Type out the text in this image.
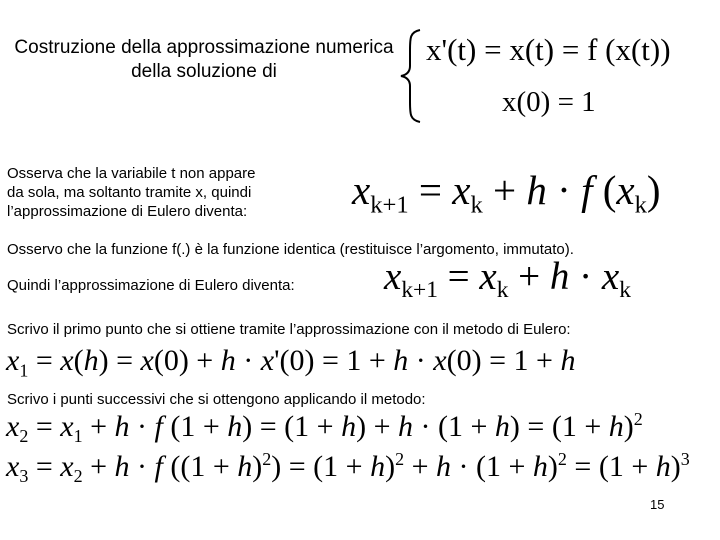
Costruzione della approssimazione numerica della soluzione di
x'(t) = x(t) = f (x(t))
x(0) = 1
Osserva che la variabile t non appare
da sola, ma soltanto tramite x, quindi
l’approssimazione di Eulero diventa:	$x_{k+1} = x_k + h \cdot f$ $(x_k)$
Osservo che la funzione f(.) è la funzione identica (restituisce l’argomento, immutato).
Quindi l’approssimazione di Eulero diventa:	$x_{k+1} = x_k + h \cdot x_k$
Scrivo il primo punto che si ottiene tramite l’approssimazione con il metodo di Eulero:
$x_1 = x(h) = x(0) + h \cdot x'(0) = 1 + h \cdot x(0) = 1 + h$
Scrivo i punti successivi che si ottengono applicando il metodo:
$x_2 = x_1 + h \cdot f$ $(1 + h) = (1 + h) + h \cdot (1 + h) = (1 + h)^2$
$x_3 = x_2 + h \cdot f$ $((1 + h)^2) = (1 + h)^2 + h \cdot (1 + h)^2 = (1 + h)^3$
15
